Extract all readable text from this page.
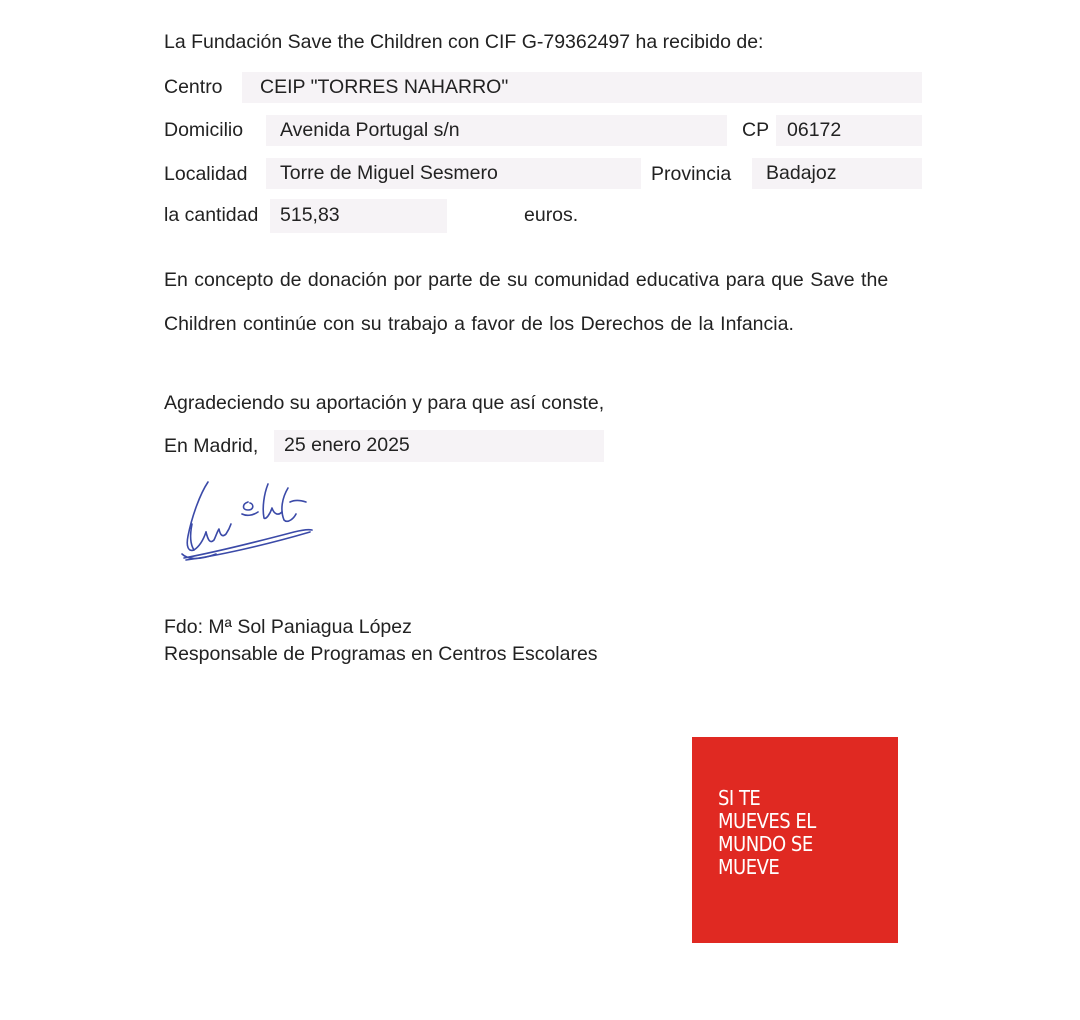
La Fundación Save the Children con CIF G-79362497 ha recibido de:
Centro	CEIP "TORRES NAHARRO"
Domicilio	Avenida Portugal s/n	CP 06172
Localidad	Torre de Miguel Sesmero	Provincia	Badajoz
la cantidad	515,83	euros.
En concepto de donación por parte de su comunidad educativa para que Save the Children continúe con su trabajo a favor de los Derechos de la Infancia.
Agradeciendo su aportación y para que así conste,
En Madrid,	25 enero 2025
Fdo: Mª Sol Paniagua López
Responsable de Programas en Centros Escolares
SI TE
MUEVES EL
MUNDO SE
MUEVE
